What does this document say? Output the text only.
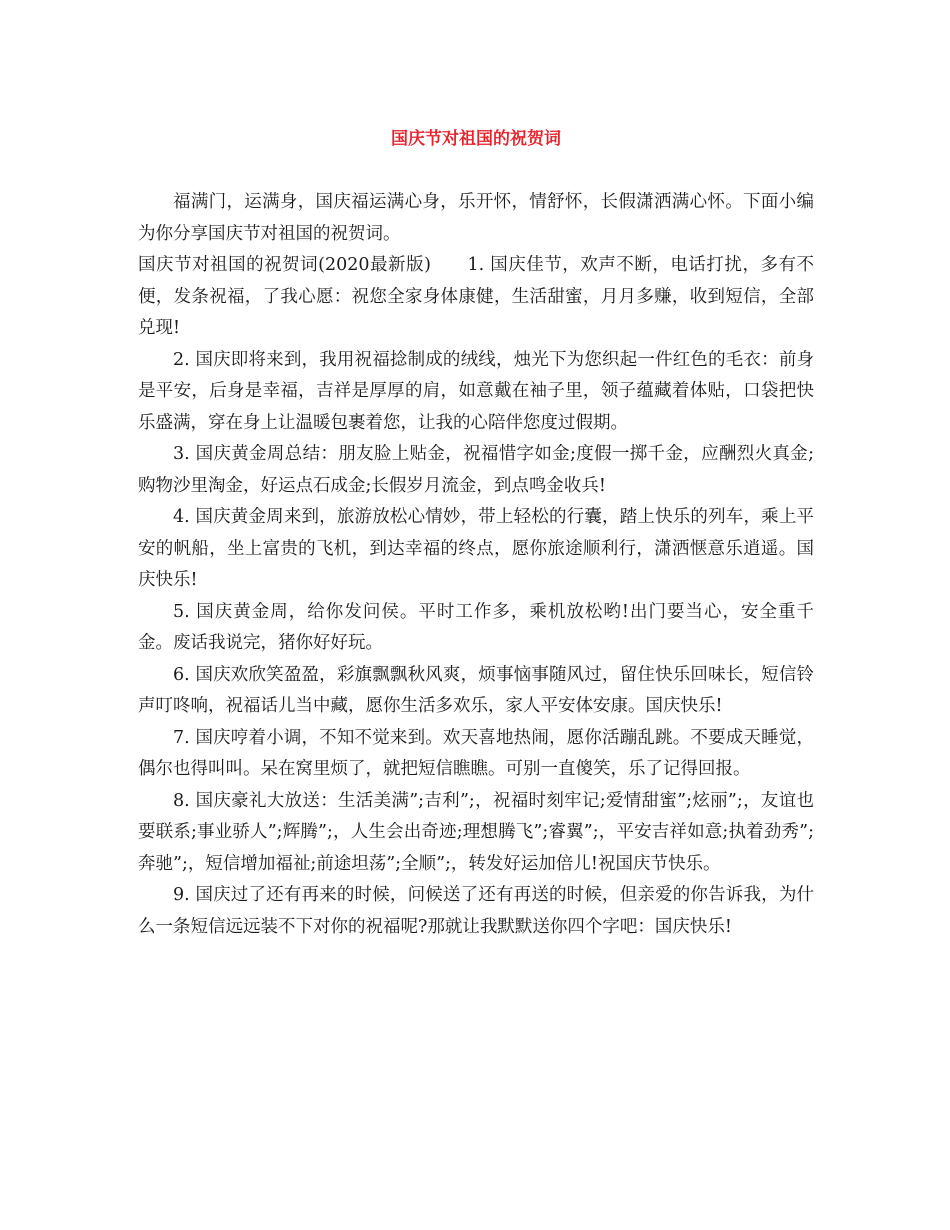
国庆节对祖国的祝贺词

福满门，运满身，国庆福运满心身，乐开怀，情舒怀，长假潇洒满心怀。下面小编为你分享国庆节对祖国的祝贺词。

国庆节对祖国的祝贺词(2020最新版)　　1. 国庆佳节，欢声不断，电话打扰，多有不便，发条祝福，了我心愿：祝您全家身体康健，生活甜蜜，月月多赚，收到短信，全部兑现!

2. 国庆即将来到，我用祝福捻制成的绒线，烛光下为您织起一件红色的毛衣：前身是平安，后身是幸福，吉祥是厚厚的肩，如意戴在袖子里，领子蕴藏着体贴，口袋把快乐盛满，穿在身上让温暖包裹着您，让我的心陪伴您度过假期。

3. 国庆黄金周总结：朋友脸上贴金，祝福惜字如金;度假一掷千金，应酬烈火真金;购物沙里淘金，好运点石成金;长假岁月流金，到点鸣金收兵!

4. 国庆黄金周来到，旅游放松心情妙，带上轻松的行囊，踏上快乐的列车，乘上平安的帆船，坐上富贵的飞机，到达幸福的终点，愿你旅途顺利行，潇洒惬意乐逍遥。国庆快乐!

5. 国庆黄金周，给你发问侯。平时工作多，乘机放松哟!出门要当心，安全重千金。废话我说完，猪你好好玩。

6. 国庆欢欣笑盈盈，彩旗飘飘秋风爽，烦事恼事随风过，留住快乐回味长，短信铃声叮咚响，祝福话儿当中藏，愿你生活多欢乐，家人平安体安康。国庆快乐!

7. 国庆哼着小调，不知不觉来到。欢天喜地热闹，愿你活蹦乱跳。不要成天睡觉，偶尔也得叫叫。呆在窝里烦了，就把短信瞧瞧。可别一直傻笑，乐了记得回报。

8. 国庆豪礼大放送：生活美满”;吉利”;，祝福时刻牢记;爱情甜蜜”;炫丽”;，友谊也要联系;事业骄人”;辉腾”;，人生会出奇迹;理想腾飞”;睿翼”;，平安吉祥如意;执着劲秀”;奔驰”;，短信增加福祉;前途坦荡”;全顺”;，转发好运加倍儿!祝国庆节快乐。

9. 国庆过了还有再来的时候，问候送了还有再送的时候，但亲爱的你告诉我，为什么一条短信远远装不下对你的祝福呢?那就让我默默送你四个字吧：国庆快乐!
